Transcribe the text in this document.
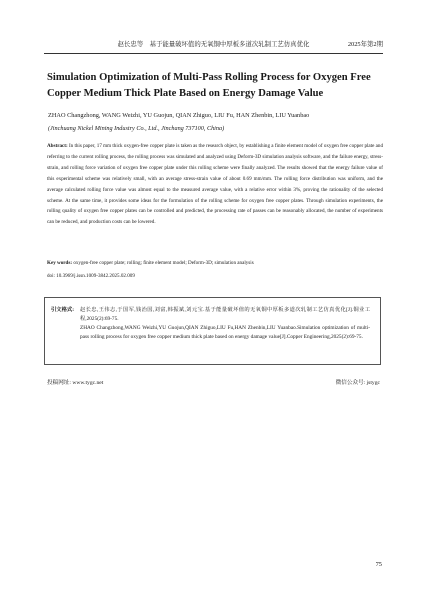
赵长忠等　基于能量破坏值的无氧铜中厚板多道次轧制工艺仿真优化	2025年第2期
Simulation Optimization of Multi-Pass Rolling Process for Oxygen Free Copper Medium Thick Plate Based on Energy Damage Value
ZHAO Changzhong, WANG Weizhi, YU Guojun, QIAN Zhiguo, LIU Fu, HAN Zhenbin, LIU Yuanbao
(Jinchuang Nickel Mining Industry Co., Ltd., Jinchang 737100, China)

Abstract: In this paper, 17 mm thick oxygen-free copper plate is taken as the research object, by establishing a finite element model of oxygen free copper plate and referring to the current rolling process, the rolling process was simulated and analyzed using Deform-3D simulation analysis software, and the failure energy, stress-strain, and rolling force variation of oxygen free copper plate under this rolling scheme were finally analyzed. The results showed that the energy failure value of this experimental scheme was relatively small, with an average stress-strain value of about 0.69 mm/mm. The rolling force distribution was uniform, and the average calculated rolling force value was almost equal to the measured average value, with a relative error within 3%, proving the rationality of the selected scheme. At the same time, it provides some ideas for the formulation of the rolling scheme for oxygen free copper plates. Through simulation experiments, the rolling quality of oxygen free copper plates can be controlled and predicted, the processing rate of passes can be reasonably allocated, the number of experiments can be reduced, and production costs can be lowered.

Key words: oxygen-free copper plate; rolling; finite element model; Deform-3D; simulation analysis
doi: 10.3969/j.issn.1009-3842.2025.02.009
引文格式: 赵长忠,王伟志,于国军,钱治国,刘富,韩振斌,刘元宝.基于能量破坏值的无氧铜中厚板多道次轧制工艺仿真优化[J].铜业工程,2025(2):69-75.
ZHAO Changzhong,WANG Weizhi,YU Guojun,QIAN Zhiguo,LIU Fu,HAN Zhenbin,LIU Yuanbao.Simulation optimization of multi-pass rolling process for oxygen free copper medium thick plate based on energy damage value[J].Copper Engineering,2025(2):69-75.
投稿网址: www.tygc.net	微信公众号: jstygc
75
